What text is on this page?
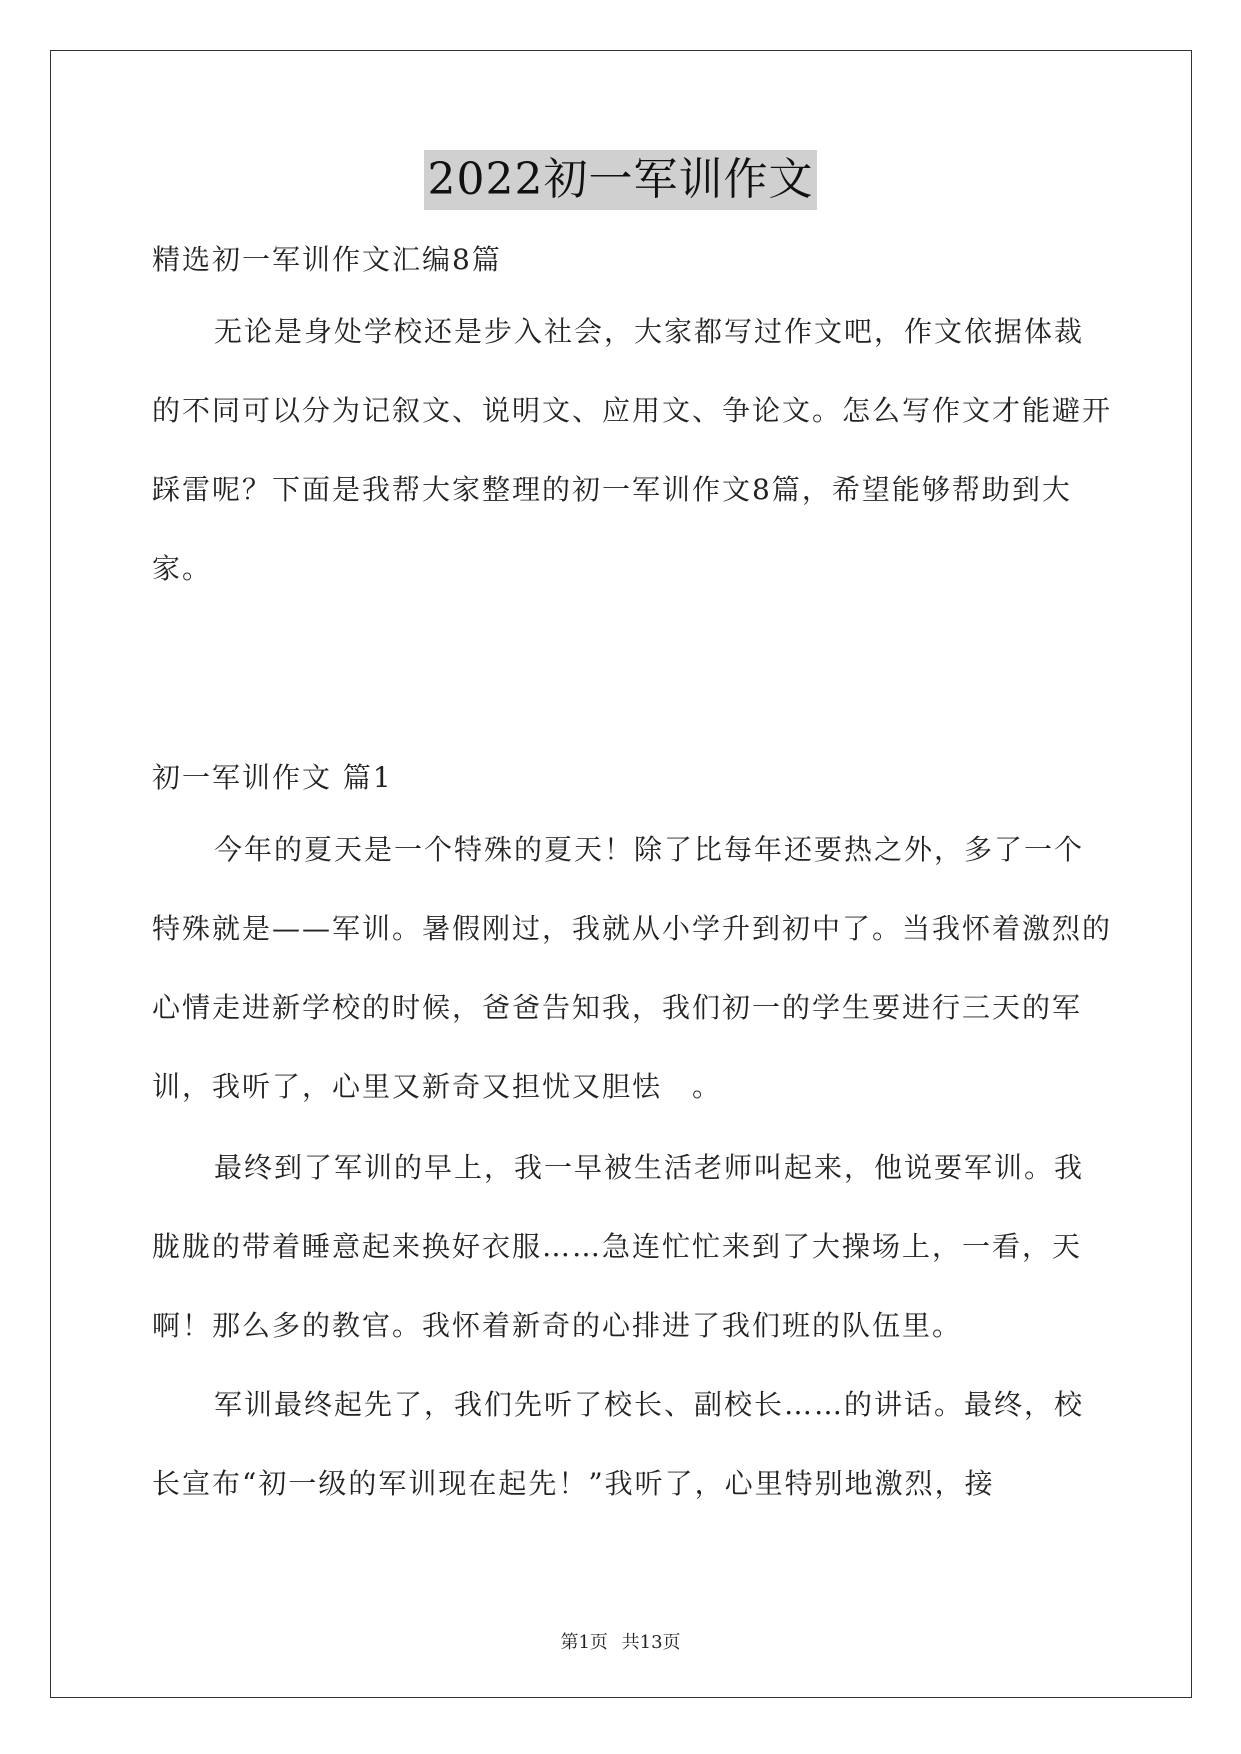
2022初一军训作文
精选初一军训作文汇编8篇

无论是身处学校还是步入社会，大家都写过作文吧，作文依据体裁的不同可以分为记叙文、说明文、应用文、争论文。怎么写作文才能避开踩雷呢？下面是我帮大家整理的初一军训作文8篇，希望能够帮助到大家。

初一军训作文 篇1

今年的夏天是一个特殊的夏天！除了比每年还要热之外，多了一个特殊就是——军训。暑假刚过，我就从小学升到初中了。当我怀着激烈的心情走进新学校的时候，爸爸告知我，我们初一的学生要进行三天的军训，我听了，心里又新奇又担忧又胆怯　。

最终到了军训的早上，我一早被生活老师叫起来，他说要军训。我胧胧的带着睡意起来换好衣服……急连忙忙来到了大操场上，一看，天啊！那么多的教官。我怀着新奇的心排进了我们班的队伍里。

军训最终起先了，我们先听了校长、副校长……的讲话。最终，校长宣布“初一级的军训现在起先！”我听了，心里特别地激烈，接

第1页 共13页
